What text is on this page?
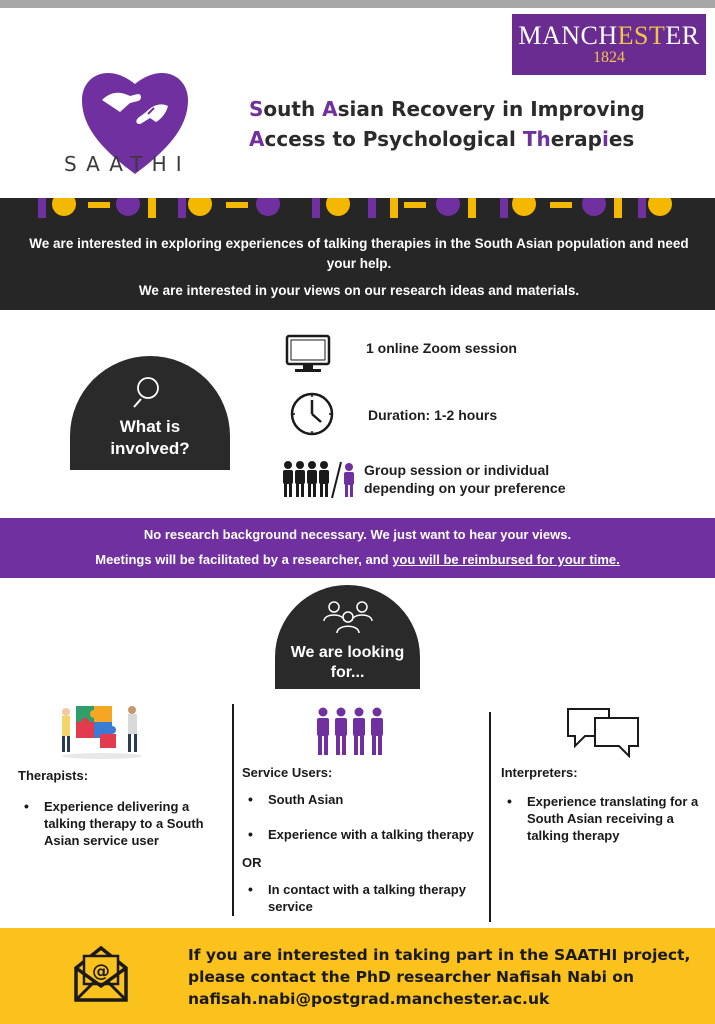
MANCHESTER
1824
SAATHI
South Asian Recovery in Improving
Access to Psychological Therapies
We are interested in exploring experiences of talking therapies in the South Asian population and need your help.
We are interested in your views on our research ideas and materials.
What is
involved?
1 online Zoom session
Duration: 1-2 hours
Group session or individual
depending on your preference
No research background necessary. We just want to hear your views.
Meetings will be facilitated by a researcher, and you will be reimbursed for your time.
We are looking
for...
Therapists:
• Experience delivering a talking therapy to a South Asian service user
Service Users:
• South Asian
• Experience with a talking therapy
OR
• In contact with a talking therapy service
Interpreters:
• Experience translating for a South Asian receiving a talking therapy
@
If you are interested in taking part in the SAATHI project,
please contact the PhD researcher Nafisah Nabi on
nafisah.nabi@postgrad.manchester.ac.uk
